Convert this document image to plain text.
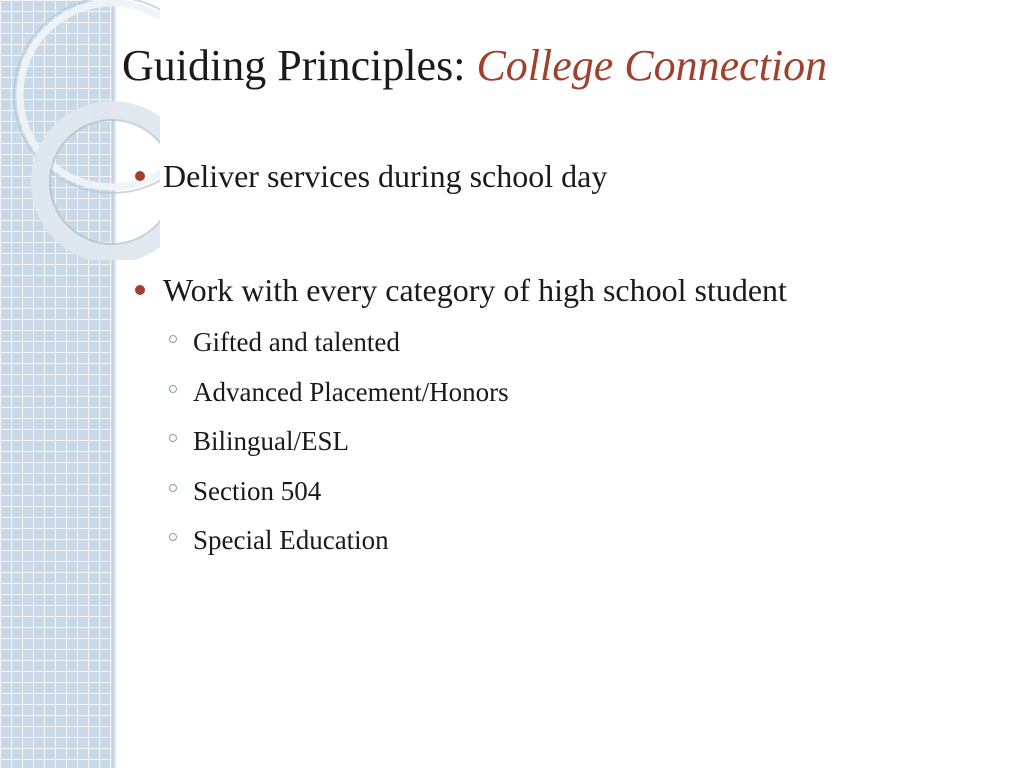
Guiding Principles: College Connection
Deliver services during school day
Work with every category of high school student
Gifted and talented
Advanced Placement/Honors
Bilingual/ESL
Section 504
Special Education
